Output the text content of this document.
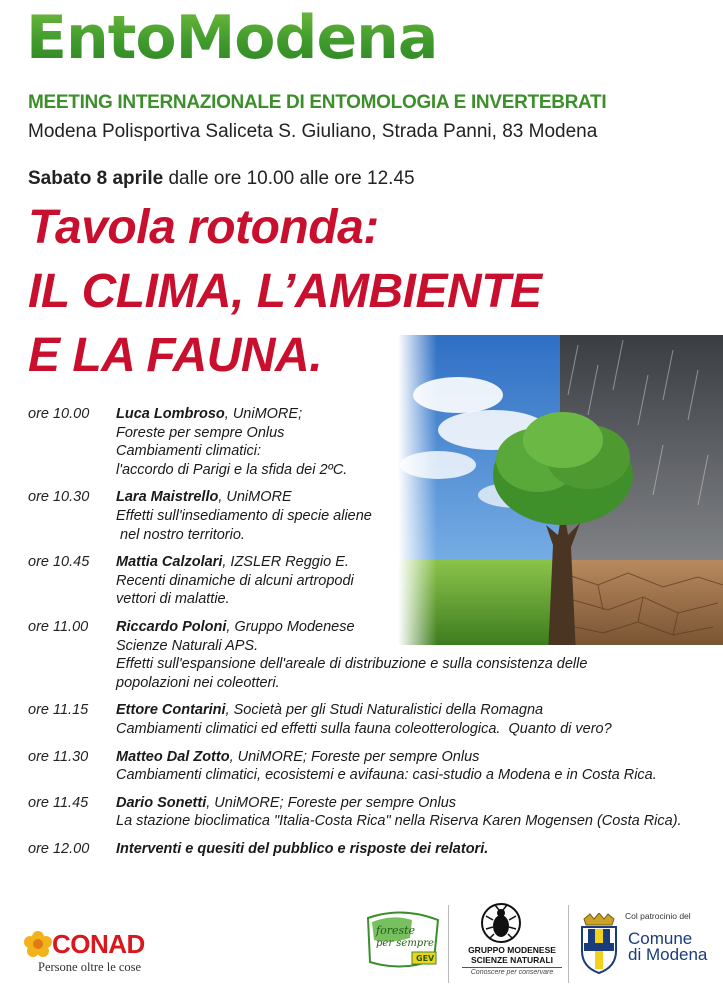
EntoModena
MEETING INTERNAZIONALE DI ENTOMOLOGIA E INVERTEBRATI
Modena Polisportiva Saliceta S. Giuliano, Strada Panni, 83 Modena
Sabato 8 aprile dalle ore 10.00 alle ore 12.45
Tavola rotonda:
IL CLIMA, L’AMBIENTE
E LA FAUNA.
ore 10.00 Luca Lombroso, UniMORE;
Foreste per sempre Onlus
Cambiamenti climatici:
l'accordo di Parigi e la sfida dei 2ºC.
ore 10.30 Lara Maistrello, UniMORE
Effetti sull'insediamento di specie aliene
nel nostro territorio.
ore 10.45 Mattia Calzolari, IZSLER Reggio E.
Recenti dinamiche di alcuni artropodi
vettori di malattie.
ore 11.00 Riccardo Poloni, Gruppo Modenese
Scienze Naturali APS.
Effetti sull'espansione dell'areale di distribuzione e sulla consistenza delle
popolazioni nei coleotteri.
ore 11.15 Ettore Contarini, Società per gli Studi Naturalistici della Romagna
Cambiamenti climatici ed effetti sulla fauna coleotterologica.  Quanto di vero?
ore 11.30 Matteo Dal Zotto, UniMORE; Foreste per sempre Onlus
Cambiamenti climatici, ecosistemi e avifauna: casi-studio a Modena e in Costa Rica.
ore 11.45 Dario Sonetti, UniMORE; Foreste per sempre Onlus
La stazione bioclimatica "Italia-Costa Rica" nella Riserva Karen Mogensen (Costa Rica).
ore 12.00 Interventi e quesiti del pubblico e risposte dei relatori.
CONAD
Persone oltre le cose
foreste
per sempre
GEV
GRUPPO MODENESE SCIENZE NATURALI
Conoscere per conservare
Col patrocinio del
Comune
di Modena
